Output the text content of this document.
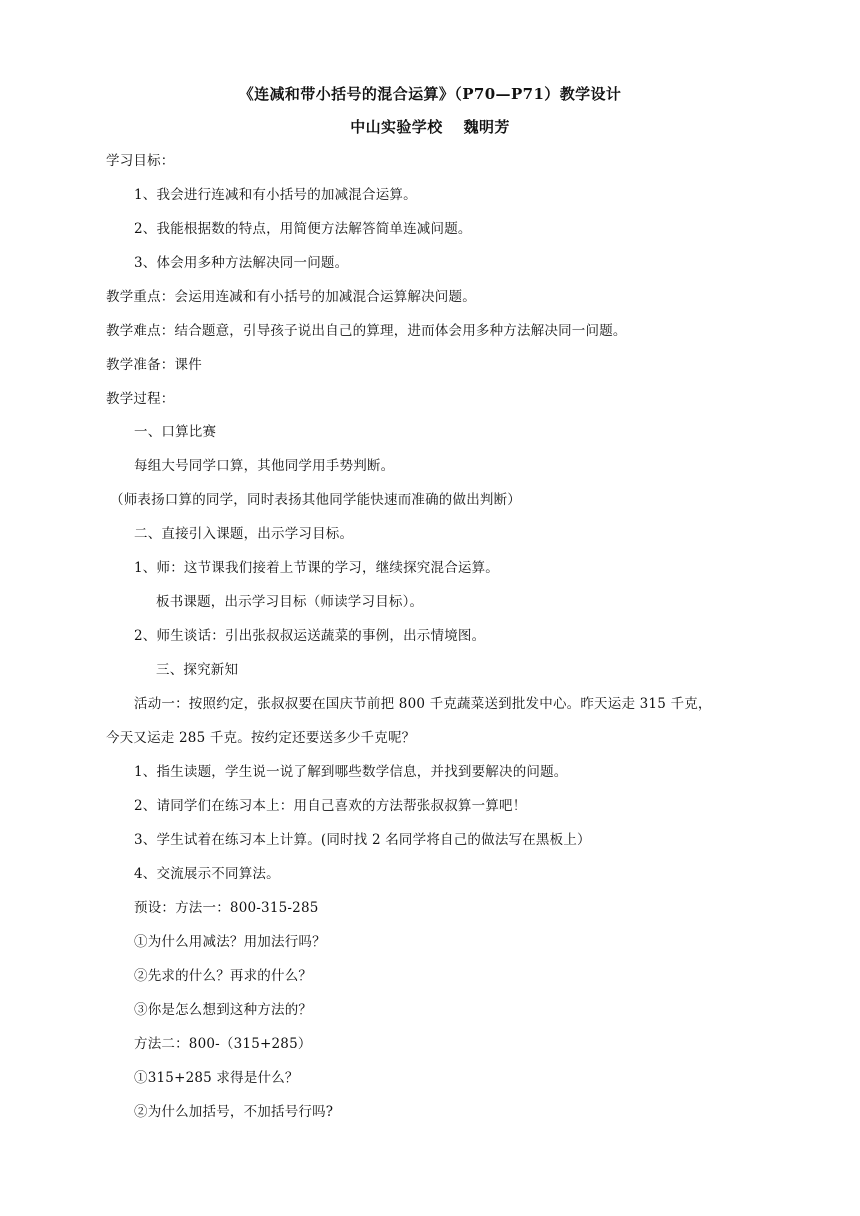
《连减和带小括号的混合运算》（P70—P71）教学设计
中山实验学校　 魏明芳
学习目标：
1、我会进行连减和有小括号的加减混合运算。
2、我能根据数的特点，用简便方法解答简单连减问题。
3、体会用多种方法解决同一问题。
教学重点：会运用连减和有小括号的加减混合运算解决问题。
教学难点：结合题意，引导孩子说出自己的算理，进而体会用多种方法解决同一问题。
教学准备：课件
教学过程：
一、口算比赛
每组大号同学口算，其他同学用手势判断。
（师表扬口算的同学，同时表扬其他同学能快速而准确的做出判断）
二、直接引入课题，出示学习目标。
1、师：这节课我们接着上节课的学习，继续探究混合运算。
板书课题，出示学习目标（师读学习目标）。
2、师生谈话：引出张叔叔运送蔬菜的事例，出示情境图。
三、探究新知
活动一：按照约定，张叔叔要在国庆节前把 800 千克蔬菜送到批发中心。昨天运走 315 千克，
今天又运走 285 千克。按约定还要送多少千克呢？
1、指生读题，学生说一说了解到哪些数学信息，并找到要解决的问题。
2、请同学们在练习本上：用自己喜欢的方法帮张叔叔算一算吧！
3、学生试着在练习本上计算。(同时找 2 名同学将自己的做法写在黑板上）
4、交流展示不同算法。
预设：方法一：800-315-285
①为什么用减法？用加法行吗？
②先求的什么？再求的什么？
③你是怎么想到这种方法的？
方法二：800-（315+285）
①315+285 求得是什么？
②为什么加括号，不加括号行吗?
